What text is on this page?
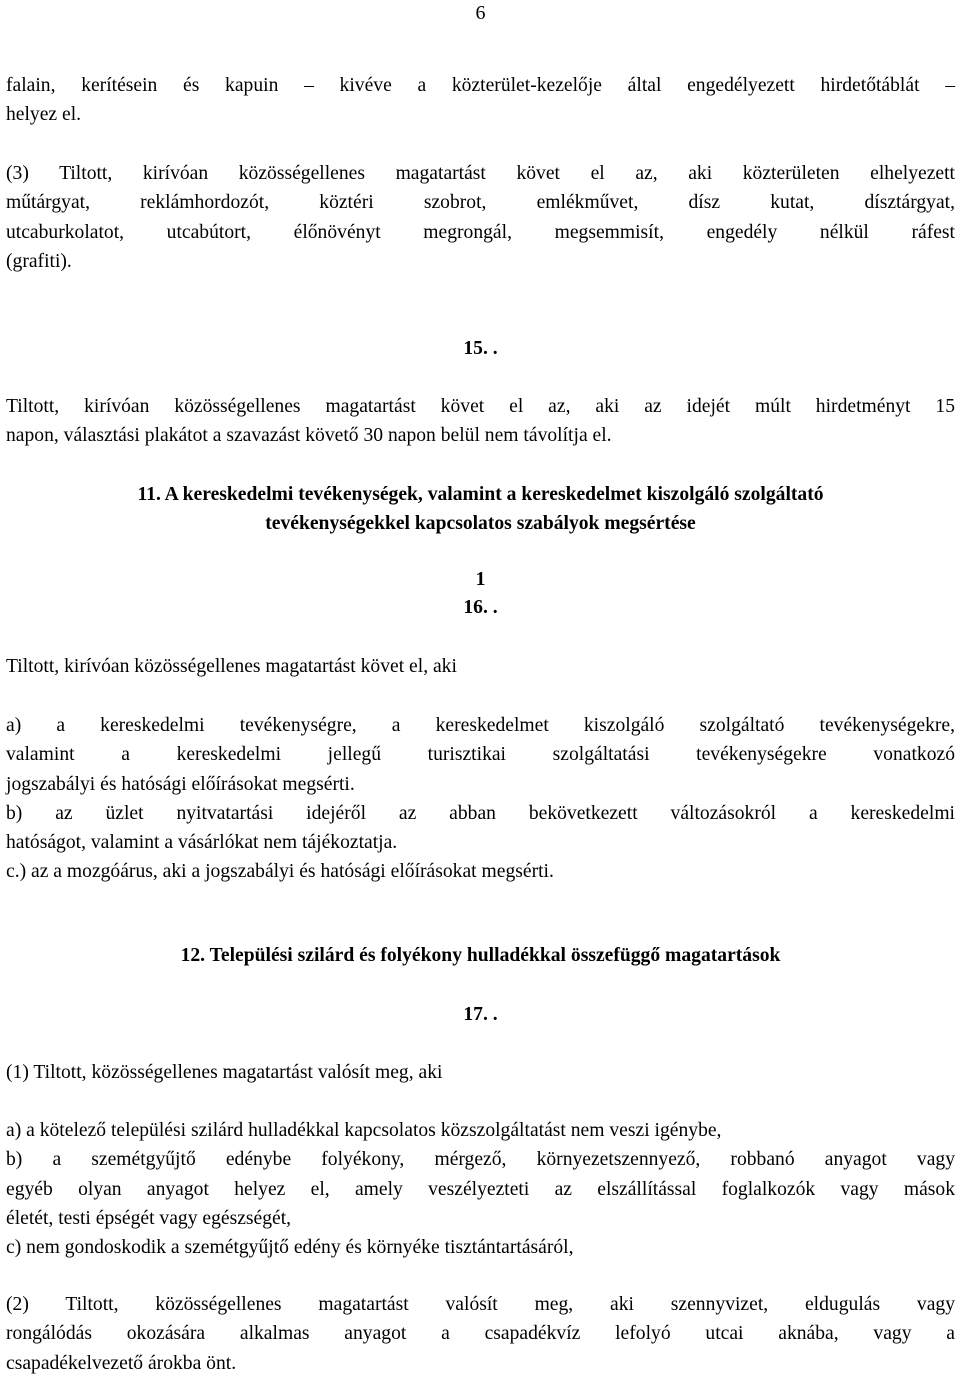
6
falain, kerítésein és kapuin – kivéve a közterület-kezelője által engedélyezett hirdetőtáblát –
helyez el.
(3) Tiltott, kirívóan közösségellenes magatartást követ el az, aki közterületen elhelyezett
műtárgyat, reklámhordozót, köztéri szobrot, emlékművet, dísz kutat, dísztárgyat,
utcaburkolatot, utcabútort, élőnövényt megrongál, megsemmisít, engedély nélkül ráfest
(grafiti).
15. .
Tiltott, kirívóan közösségellenes magatartást követ el az, aki az idejét múlt hirdetményt 15
napon, választási plakátot a szavazást követő 30 napon belül nem távolítja el.
11. A kereskedelmi tevékenységek, valamint a kereskedelmet kiszolgáló szolgáltató
tevékenységekkel kapcsolatos szabályok megsértése
1
16. .
Tiltott, kirívóan közösségellenes magatartást követ el, aki
a) a kereskedelmi tevékenységre, a kereskedelmet kiszolgáló szolgáltató tevékenységekre,
valamint a kereskedelmi jellegű turisztikai szolgáltatási tevékenységekre vonatkozó
jogszabályi és hatósági előírásokat megsérti.
b) az üzlet nyitvatartási idejéről az abban bekövetkezett változásokról a kereskedelmi
hatóságot, valamint a vásárlókat nem tájékoztatja.
c.) az a mozgóárus, aki a jogszabályi és hatósági előírásokat megsérti.
12. Települési szilárd és folyékony hulladékkal összefüggő magatartások
17. .
(1) Tiltott, közösségellenes magatartást valósít meg, aki
a) a kötelező települési szilárd hulladékkal kapcsolatos közszolgáltatást nem veszi igénybe,
b) a szemétgyűjtő edénybe folyékony, mérgező, környezetszennyező, robbanó anyagot vagy
egyéb olyan anyagot helyez el, amely veszélyezteti az elszállítással foglalkozók vagy mások
életét, testi épségét vagy egészségét,
c) nem gondoskodik a szemétgyűjtő edény és környéke tisztántartásáról,
(2) Tiltott, közösségellenes magatartást valósít meg, aki szennyvizet, eldugulás vagy
rongálódás okozására alkalmas anyagot a csapadékvíz lefolyó utcai aknába, vagy a
csapadékelvezető árokba önt.
